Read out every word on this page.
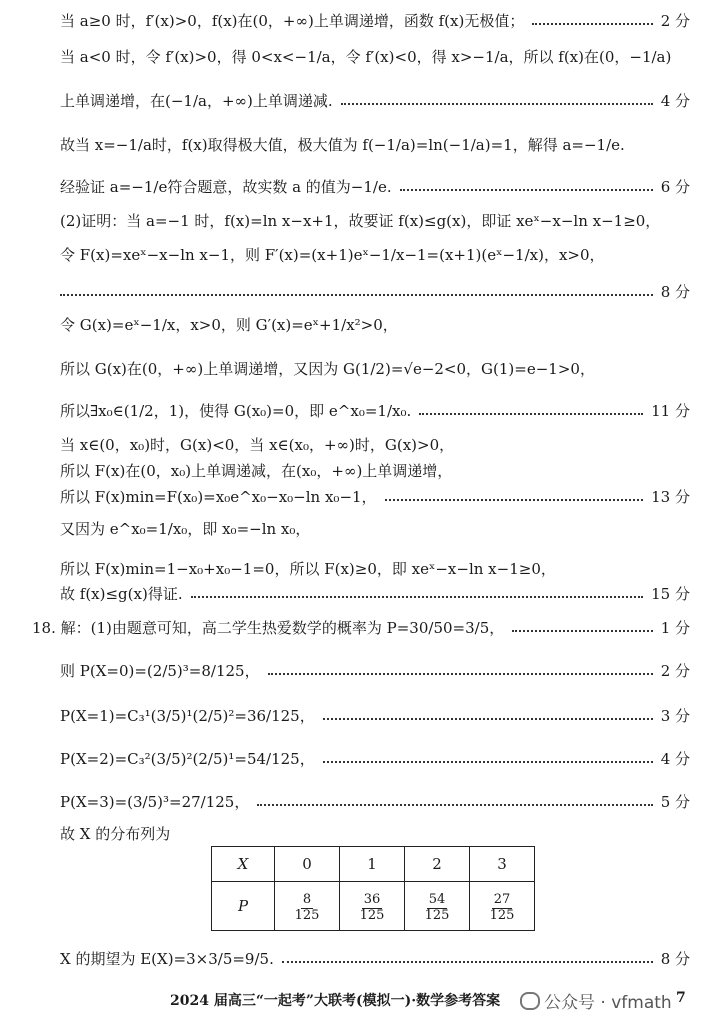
当 a≥0 时，f′(x)>0，f(x)在(0，+∞)上单调递增，函数 f(x)无极值；	2 分
当 a<0 时，令 f′(x)>0，得 0<x<−1/a，令 f′(x)<0，得 x>−1/a，所以 f(x)在(0，−1/a)
上单调递增，在(−1/a，+∞)上单调递减.	4 分
故当 x=−1/a时，f(x)取得极大值，极大值为 f(−1/a)=ln(−1/a)=1，解得 a=−1/e.
经验证 a=−1/e符合题意，故实数 a 的值为−1/e.	6 分
(2)证明：当 a=−1 时，f(x)=ln x−x+1，故要证 f(x)≤g(x)，即证 xeˣ−x−ln x−1≥0，
令 F(x)=xeˣ−x−ln x−1，则 F′(x)=(x+1)eˣ−1/x−1=(x+1)(eˣ−1/x)，x>0，
8 分
令 G(x)=eˣ−1/x，x>0，则 G′(x)=eˣ+1/x²>0，
所以 G(x)在(0，+∞)上单调递增，又因为 G(1/2)=√e−2<0，G(1)=e−1>0，
所以∃x₀∈(1/2，1)，使得 G(x₀)=0，即 e^x₀=1/x₀.	11 分
当 x∈(0，x₀)时，G(x)<0，当 x∈(x₀，+∞)时，G(x)>0，
所以 F(x)在(0，x₀)上单调递减，在(x₀，+∞)上单调递增，
所以 F(x)min=F(x₀)=x₀e^x₀−x₀−ln x₀−1，	13 分
又因为 e^x₀=1/x₀，即 x₀=−ln x₀，
所以 F(x)min=1−x₀+x₀−1=0，所以 F(x)≥0，即 xeˣ−x−ln x−1≥0，
故 f(x)≤g(x)得证.	15 分
18. 解：(1)由题意可知，高二学生热爱数学的概率为 P=30/50=3/5，	1 分
则 P(X=0)=(2/5)³=8/125，	2 分
P(X=1)=C₃¹(3/5)¹(2/5)²=36/125，	3 分
P(X=2)=C₃²(3/5)²(2/5)¹=54/125，	4 分
P(X=3)=(3/5)³=27/125，	5 分
故 X 的分布列为
X	0	1	2	3
P	$\frac{8}{125}$	$\frac{36}{125}$	$\frac{54}{125}$	$\frac{27}{125}$
X 的期望为 E(X)=3×3/5=9/5.	8 分
2024 届高三“一起考”大联考(模拟一)·数学参考答案	公众号 · vfmath 7
